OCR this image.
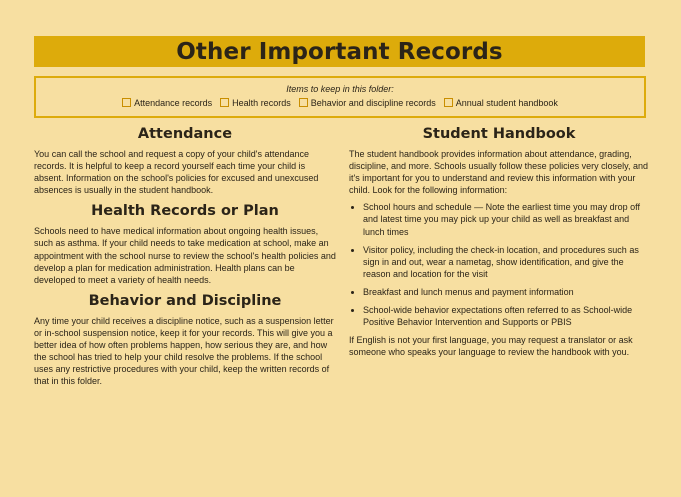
Other Important Records
Items to keep in this folder:
Attendance records	Health records	Behavior and discipline records	Annual student handbook
Attendance

You can call the school and request a copy of your child's attendance records. It is helpful to keep a record yourself each time your child is absent. Information on the school's policies for excused and unexcused absences is usually in the student handbook.

Health Records or Plan

Schools need to have medical information about ongoing health issues, such as asthma. If your child needs to take medication at school, make an appointment with the school nurse to review the school's health policies and develop a plan for medication administration. Health plans can be developed to meet a variety of health needs.

Behavior and Discipline

Any time your child receives a discipline notice, such as a suspension letter or in-school suspension notice, keep it for your records. This will give you a better idea of how often problems happen, how serious they are, and how the school has tried to help your child resolve the problems. If the school uses any restrictive procedures with your child, keep the written records of that in this folder.

Student Handbook

The student handbook provides information about attendance, grading, discipline, and more. Schools usually follow these policies very closely, and it's important for you to understand and review this information with your child. Look for the following information:

• School hours and schedule — Note the earliest time you may drop off and latest time you may pick up your child as well as breakfast and lunch times
• Visitor policy, including the check-in location, and procedures such as sign in and out, wear a nametag, show identification, and give the reason and location for the visit
• Breakfast and lunch menus and payment information
• School-wide behavior expectations often referred to as School-wide Positive Behavior Intervention and Supports or PBIS

If English is not your first language, you may request a translator or ask someone who speaks your language to review the handbook with you.
